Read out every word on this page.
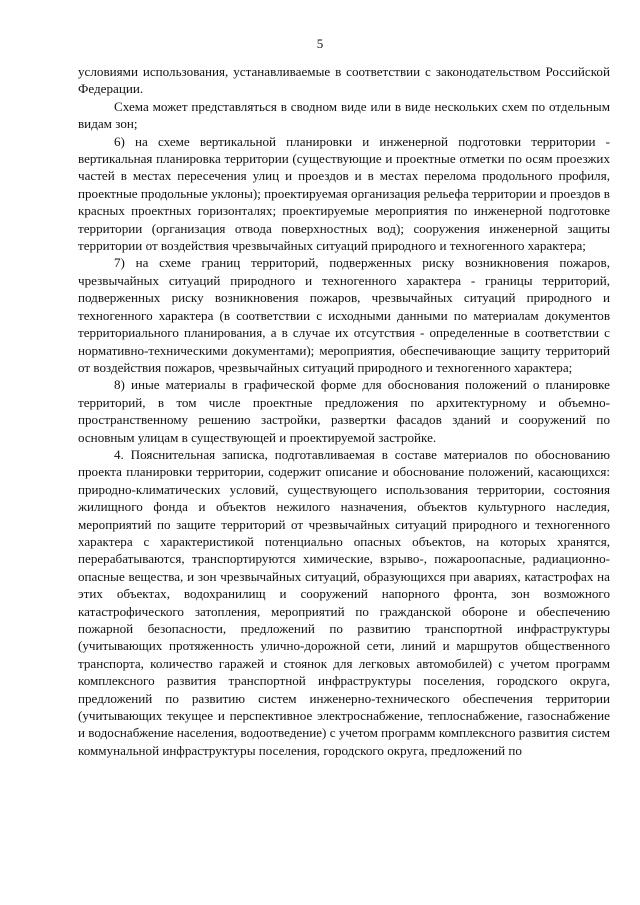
5

условиями использования, устанавливаемые в соответствии с законодательством Российской Федерации.

Схема может представляться в сводном виде или в виде нескольких схем по отдельным видам зон;

6) на схеме вертикальной планировки и инженерной подготовки территории - вертикальная планировка территории (существующие и проектные отметки по осям проезжих частей в местах пересечения улиц и проездов и в местах перелома продольного профиля, проектные продольные уклоны); проектируемая организация рельефа территории и проездов в красных проектных горизонталях; проектируемые мероприятия по инженерной подготовке территории (организация отвода поверхностных вод); сооружения инженерной защиты территории от воздействия чрезвычайных ситуаций природного и техногенного характера;

7) на схеме границ территорий, подверженных риску возникновения пожаров, чрезвычайных ситуаций природного и техногенного характера - границы территорий, подверженных риску возникновения пожаров, чрезвычайных ситуаций природного и техногенного характера (в соответствии с исходными данными по материалам документов территориального планирования, а в случае их отсутствия - определенные в соответствии с нормативно-техническими документами); мероприятия, обеспечивающие защиту территорий от воздействия пожаров, чрезвычайных ситуаций природного и техногенного характера;

8) иные материалы в графической форме для обоснования положений о планировке территорий, в том числе проектные предложения по архитектурному и объемно-пространственному решению застройки, развертки фасадов зданий и сооружений по основным улицам в существующей и проектируемой застройке.

4. Пояснительная записка, подготавливаемая в составе материалов по обоснованию проекта планировки территории, содержит описание и обоснование положений, касающихся: природно-климатических условий, существующего использования территории, состояния жилищного фонда и объектов нежилого назначения, объектов культурного наследия, мероприятий по защите территорий от чрезвычайных ситуаций природного и техногенного характера с характеристикой потенциально опасных объектов, на которых хранятся, перерабатываются, транспортируются химические, взрыво-, пожароопасные, радиационно-опасные вещества, и зон чрезвычайных ситуаций, образующихся при авариях, катастрофах на этих объектах, водохранилищ и сооружений напорного фронта, зон возможного катастрофического затопления, мероприятий по гражданской обороне и обеспечению пожарной безопасности, предложений по развитию транспортной инфраструктуры (учитывающих протяженность улично-дорожной сети, линий и маршрутов общественного транспорта, количество гаражей и стоянок для легковых автомобилей) с учетом программ комплексного развития транспортной инфраструктуры поселения, городского округа, предложений по развитию систем инженерно-технического обеспечения территории (учитывающих текущее и перспективное электроснабжение, теплоснабжение, газоснабжение и водоснабжение населения, водоотведение) с учетом программ комплексного развития систем коммунальной инфраструктуры поселения, городского округа, предложений по
